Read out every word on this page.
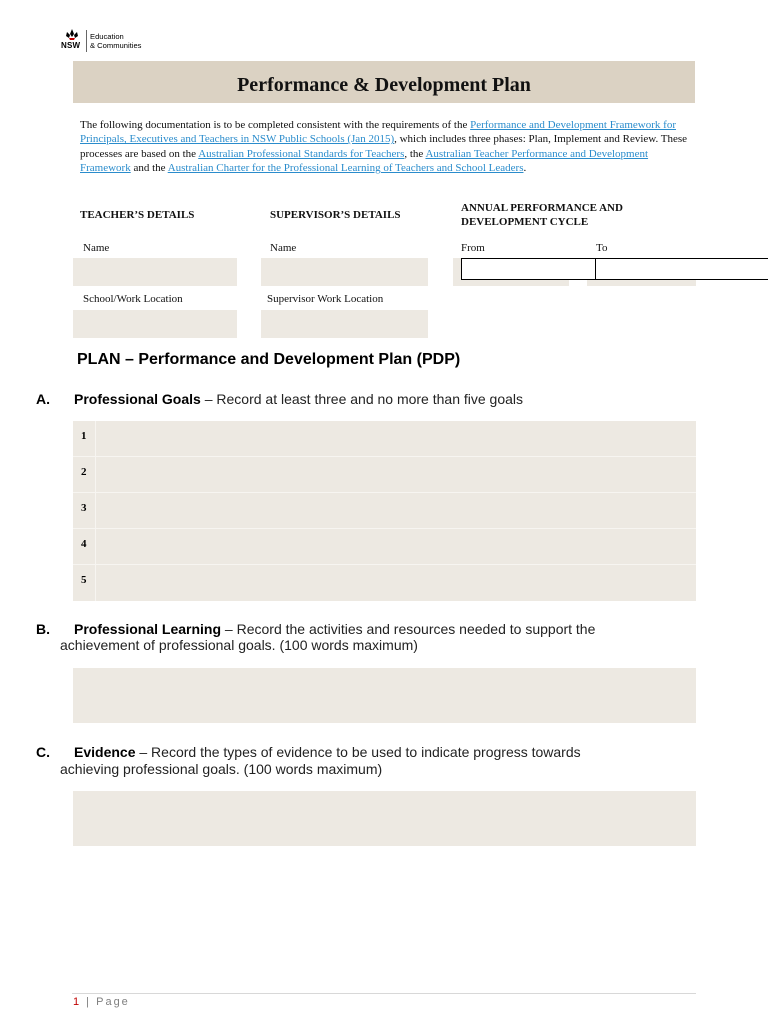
NSW
Education
& Communities
Performance & Development Plan
The following documentation is to be completed consistent with the requirements of the Performance and Development Framework for Principals, Executives and Teachers in NSW Public Schools (Jan 2015), which includes three phases: Plan, Implement and Review. These processes are based on the Australian Professional Standards for Teachers, the Australian Teacher Performance and Development Framework and the Australian Charter for the Professional Learning of Teachers and School Leaders.
TEACHER’S DETAILS	SUPERVISOR’S DETAILS
ANNUAL PERFORMANCE AND
DEVELOPMENT CYCLE
Name	Name	From	To
School/Work Location	Supervisor Work Location
PLAN – Performance and Development Plan (PDP)
A. Professional Goals – Record at least three and no more than five goals
1
2
3
4
5
B. Professional Learning – Record the activities and resources needed to support the
achievement of professional goals. (100 words maximum)
C. Evidence – Record the types of evidence to be used to indicate progress towards
achieving professional goals. (100 words maximum)
1 | Page
